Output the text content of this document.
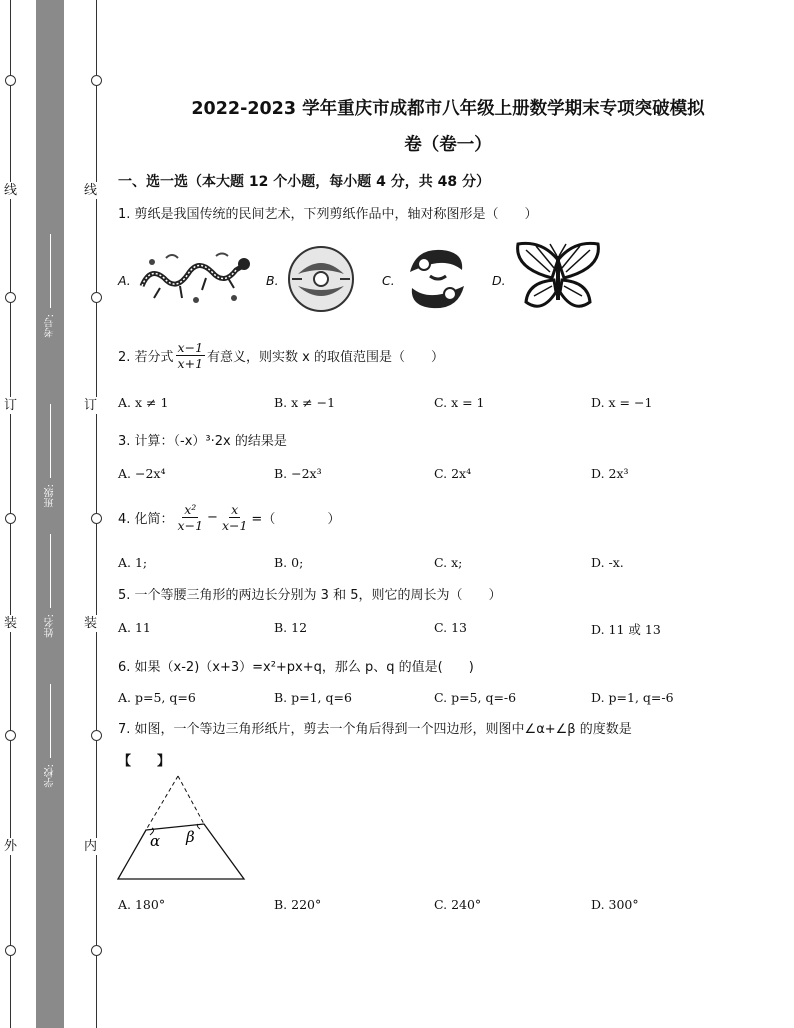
线
订
装
外
线
订
装
内
考号:
班级:
姓名:
学校:
2022-2023 学年重庆市成都市八年级上册数学期末专项突破模拟
卷（卷一）
一、选一选（本大题 12 个小题，每小题 4 分，共 48 分）
1. 剪纸是我国传统的民间艺术，下列剪纸作品中，轴对称图形是（　　）
A.	B.	C.	D.
2. 若分式 $\frac{x-1}{x+1}$ 有意义，则实数 x 的取值范围是（　　）
A. x ≠ 1	B. x ≠ −1	C. x = 1	D. x = −1
3. 计算：（-x）³·2x 的结果是
A. −2x⁴	B. −2x³	C. 2x⁴	D. 2x³
4. 化简： $\frac{\text{x²}}{x-1} - \frac{x}{x-1}$ =（　　　　）
A. 1;	B. 0;	C. x;	D. -x.
5. 一个等腰三角形的两边长分别为 3 和 5，则它的周长为（　　）
A. 11	B. 12	C. 13	D. 11 或 13
6. 如果（x-2)（x+3）=x²+px+q，那么 p、q 的值是(　　)
A. p=5, q=6	B. p=1, q=6	C. p=5, q=-6	D. p=1, q=-6
7. 如图，一个等边三角形纸片，剪去一个角后得到一个四边形，则图中∠α+∠β 的度数是
【　　】
α β
A. 180°	B. 220°	C. 240°	D. 300°
